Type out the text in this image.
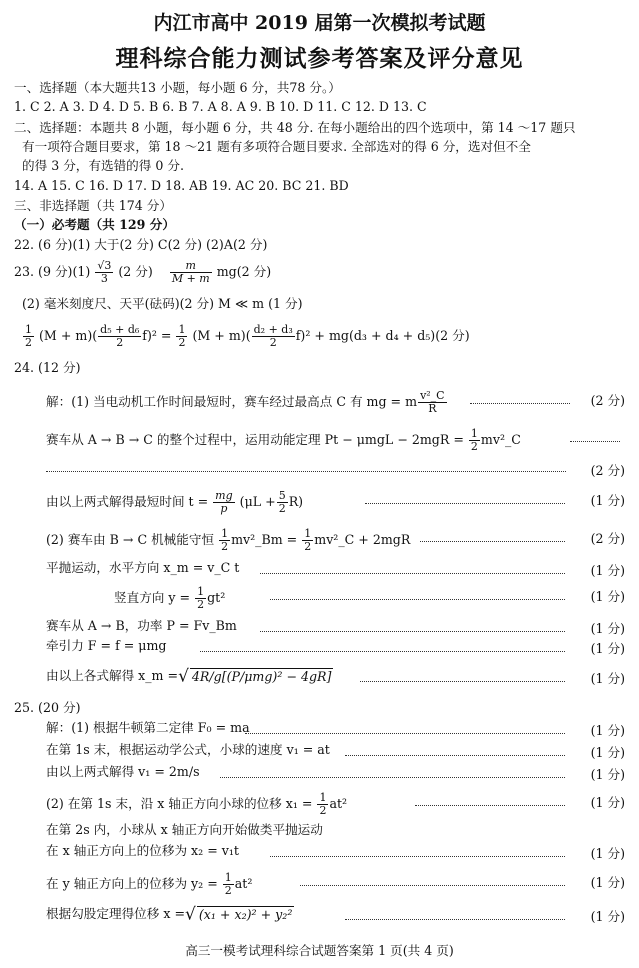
内江市高中 2019 届第一次模拟考试题
理科综合能力测试参考答案及评分意见
一、选择题（本大题共13 小题，每小题 6 分，共78 分。）
1. C 2. A 3. D 4. D 5. B 6. B 7. A 8. A 9. B 10. D 11. C 12. D 13. C
二、选择题：本题共 8 小题，每小题 6 分，共 48 分. 在每小题给出的四个选项中，第 14 ～17 题只
有一项符合题目要求，第 18 ～21 题有多项符合题目要求. 全部选对的得 6 分，选对但不全
的得 3 分，有选错的得 0 分.
14. A 15. C 16. D 17. D 18. AB 19. AC 20. BC 21. BD
三、非选择题（共 174 分）
（一）必考题（共 129 分）
22. (6 分)(1) 大于(2 分) C(2 分) (2)A(2 分)
23. (9 分)$(1) \frac{√3}{3} (2$ 分) $\frac{m}{M + m} mg(2$ 分)
(2) 毫米刻度尺、天平(砝码)(2 分) M ≪ m (1 分)
$\frac{1}{2} (M + m)( \frac{\text{d₅ + d₆}}{2} f)^2 = \frac{1}{2} (M + m)( \frac{\text{d₂ + d₃}}{2} f)^2 + mg(d_3 + d_4 + d_5)(2$ 分)
24. (12 分)
解：(1) 当电动机工作时间最短时，赛车经过最高点 C 有 mg = m $\frac{\text{v²\_C}}{R}$	(2 分)
赛车从 A → B → C 的整个过程中，运用动能定理 $Pt - \mu mgL - 2mgR = \frac{1}{2}$ mv²_C
(2 分)
由以上两式解得最短时间 $t = \frac{mg}{p} (\mu L + \frac{5}{2} R)$	(1 分)
(2) 赛车由 B → C 机械能守恒 $\frac{1}{2}$ mv²_Bm = $\frac{1}{2}$ mv²_C + 2mgR	(2 分)
平抛运动，水平方向 x_m = v_C t	(1 分)
竖直方向 $y = \frac{1}{2} gt^2$	(1 分)
赛车从 A → B，功率 P = Fv_Bm	(1 分)
牵引力 F = f = μmg	(1 分)
由以上各式解得 x_m =√ 4R/g[(P/μmg)² − 4gR]	(1 分)
25. (20 分)
解：(1) 根据牛顿第二定律 F₀ = ma	(1 分)
在第 1s 末，根据运动学公式，小球的速度 v₁ = at	(1 分)
由以上两式解得 v₁ = 2m/s	(1 分)
(2) 在第 1s 末，沿 x 轴正方向小球的位移 $x_1 = \frac{1}{2} at^2$	(1 分)
在第 2s 内，小球从 x 轴正方向开始做类平抛运动
在 x 轴正方向上的位移为 x₂ = v₁t	(1 分)
在 y 轴正方向上的位移为 $y_2 = \frac{1}{2} at^2$	(1 分)
根据勾股定理得位移 x =√ (x₁ + x₂)² + y₂²	(1 分)
高三一模考试理科综合试题答案第 1 页(共 4 页)
